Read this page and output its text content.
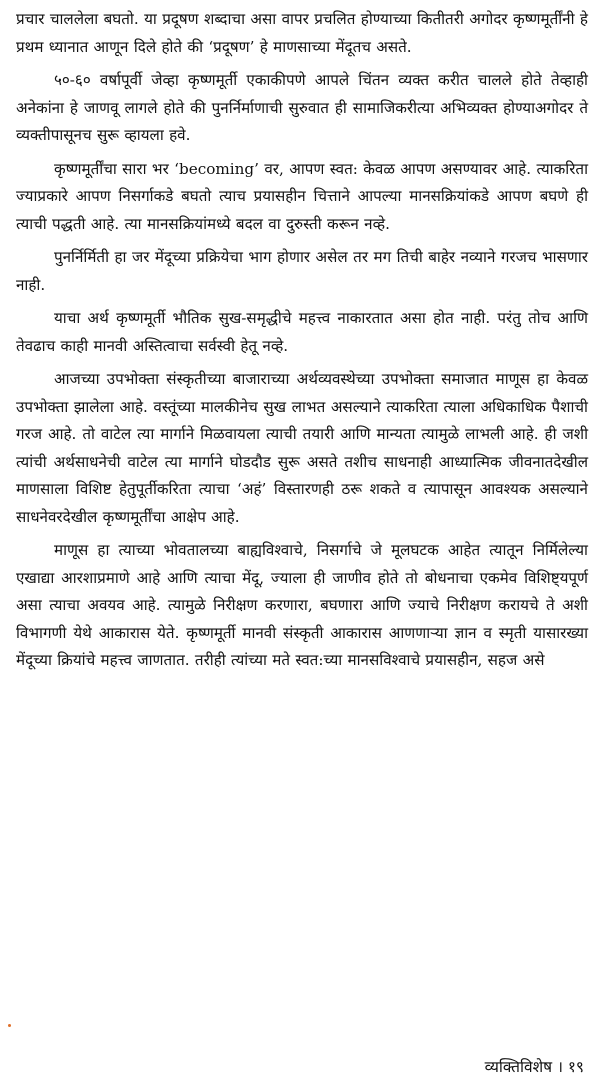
प्रचार चाललेला बघतो. या प्रदूषण शब्दाचा असा वापर प्रचलित होण्याच्या कितीतरी अगोदर कृष्णमूर्तींनी हे प्रथम ध्यानात आणून दिले होते की ‘प्रदूषण’ हे माणसाच्या मेंदूतच असते.

५०-६० वर्षापूर्वी जेव्हा कृष्णमूर्ती एकाकीपणे आपले चिंतन व्यक्त करीत चालले होते तेव्हाही अनेकांना हे जाणवू लागले होते की पुनर्निर्माणाची सुरुवात ही सामाजिकरीत्या अभिव्यक्त होण्याअगोदर ते व्यक्तीपासूनच सुरू व्हायला हवे.

कृष्णमूर्तींचा सारा भर ‘becoming’ वर, आपण स्वत: केवळ आपण असण्यावर आहे. त्याकरिता ज्याप्रकारे आपण निसर्गाकडे बघतो त्याच प्रयासहीन चित्ताने आपल्या मानसक्रियांकडे आपण बघणे ही त्याची पद्धती आहे. त्या मानसक्रियांमध्ये बदल वा दुरुस्ती करून नव्हे.

पुनर्निर्मिती हा जर मेंदूच्या प्रक्रियेचा भाग होणार असेल तर मग तिची बाहेर नव्याने गरजच भासणार नाही.

याचा अर्थ कृष्णमूर्ती भौतिक सुख-समृद्धीचे महत्त्व नाकारतात असा होत नाही. परंतु तोच आणि तेवढाच काही मानवी अस्तित्वाचा सर्वस्वी हेतू नव्हे.

आजच्या उपभोक्ता संस्कृतीच्या बाजाराच्या अर्थव्यवस्थेच्या उपभोक्ता समाजात माणूस हा केवळ उपभोक्ता झालेला आहे. वस्तूंच्या मालकीनेच सुख लाभत असल्याने त्याकरिता त्याला अधिकाधिक पैशाची गरज आहे. तो वाटेल त्या मार्गाने मिळवायला त्याची तयारी आणि मान्यता त्यामुळे लाभली आहे. ही जशी त्यांची अर्थसाधनेची वाटेल त्या मार्गाने घोडदौड सुरू असते तशीच साधनाही आध्यात्मिक जीवनातदेखील माणसाला विशिष्ट हेतुपूर्तीकरिता त्याचा ‘अहं’ विस्तारणही ठरू शकते व त्यापासून आवश्यक असल्याने साधनेवरदेखील कृष्णमूर्तींचा आक्षेप आहे.

माणूस हा त्याच्या भोवतालच्या बाह्यविश्वाचे, निसर्गाचे जे मूलघटक आहेत त्यातून निर्मिलेल्या एखाद्या आरशाप्रमाणे आहे आणि त्याचा मेंदू, ज्याला ही जाणीव होते तो बोधनाचा एकमेव विशिष्ट्यपूर्ण असा त्याचा अवयव आहे. त्यामुळे निरीक्षण करणारा, बघणारा आणि ज्याचे निरीक्षण करायचे ते अशी विभागणी येथे आकारास येते. कृष्णमूर्ती मानवी संस्कृती आकारास आणणाऱ्या ज्ञान व स्मृती यासारख्या मेंदूच्या क्रियांचे महत्त्व जाणतात. तरीही त्यांच्या मते स्वत:च्या मानसविश्वाचे प्रयासहीन, सहज असे

व्यक्तिविशेष । १९
